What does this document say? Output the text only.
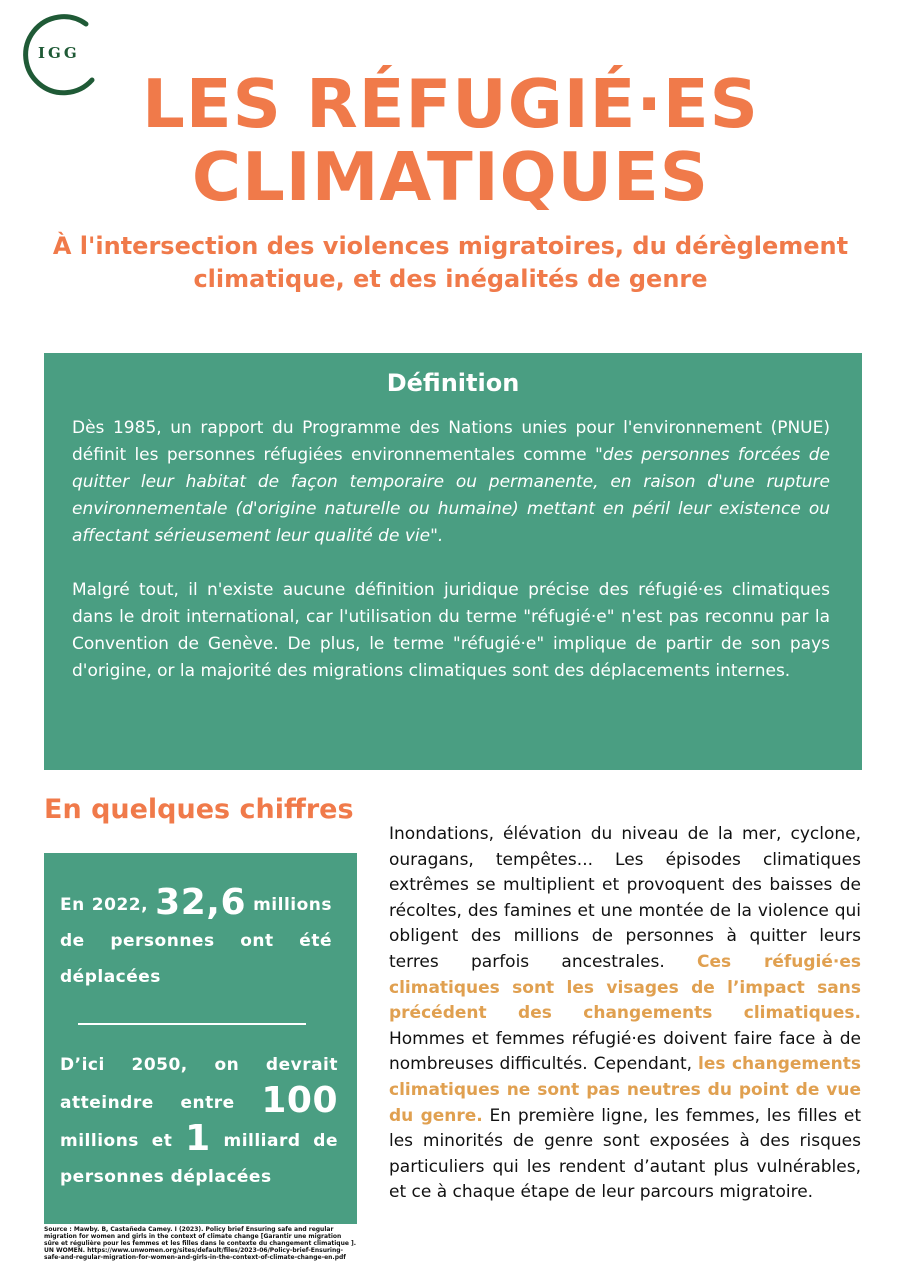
IGG
LES RÉFUGIÉ·ES CLIMATIQUES
À l'intersection des violences migratoires, du dérèglement climatique, et des inégalités de genre
Définition

Dès 1985, un rapport du Programme des Nations unies pour l'environnement (PNUE) définit les personnes réfugiées environnementales comme "des personnes forcées de quitter leur habitat de façon temporaire ou permanente, en raison d'une rupture environnementale (d'origine naturelle ou humaine) mettant en péril leur existence ou affectant sérieusement leur qualité de vie".

Malgré tout, il n'existe aucune définition juridique précise des réfugié·es climatiques dans le droit international, car l'utilisation du terme "réfugié·e" n'est pas reconnu par la Convention de Genève. De plus, le terme "réfugié·e" implique de partir de son pays d'origine, or la majorité des migrations climatiques sont des déplacements internes.

En quelques chiffres
En 2022, 32,6 millions de personnes ont été déplacées
D’ici 2050, on devrait atteindre entre 100 millions et 1 milliard de personnes déplacées
Source : Mawby. B, Castañeda Camey. I (2023). Policy brief Ensuring safe and regular migration for women and girls in the context of climate change [Garantir une migration sûre et régulière pour les femmes et les filles dans le contexte du changement climatique ]. UN WOMEN. https://www.unwomen.org/sites/default/files/2023-06/Policy-brief-Ensuring-safe-and-regular-migration-for-women-and-girls-in-the-context-of-climate-change-en.pdf
Inondations, élévation du niveau de la mer, cyclone, ouragans, tempêtes... Les épisodes climatiques extrêmes se multiplient et provoquent des baisses de récoltes, des famines et une montée de la violence qui obligent des millions de personnes à quitter leurs terres parfois ancestrales. Ces réfugié·es climatiques sont les visages de l’impact sans précédent des changements climatiques. Hommes et femmes réfugié·es doivent faire face à de nombreuses difficultés. Cependant, les changements climatiques ne sont pas neutres du point de vue du genre. En première ligne, les femmes, les filles et les minorités de genre sont exposées à des risques particuliers qui les rendent d’autant plus vulnérables, et ce à chaque étape de leur parcours migratoire.
